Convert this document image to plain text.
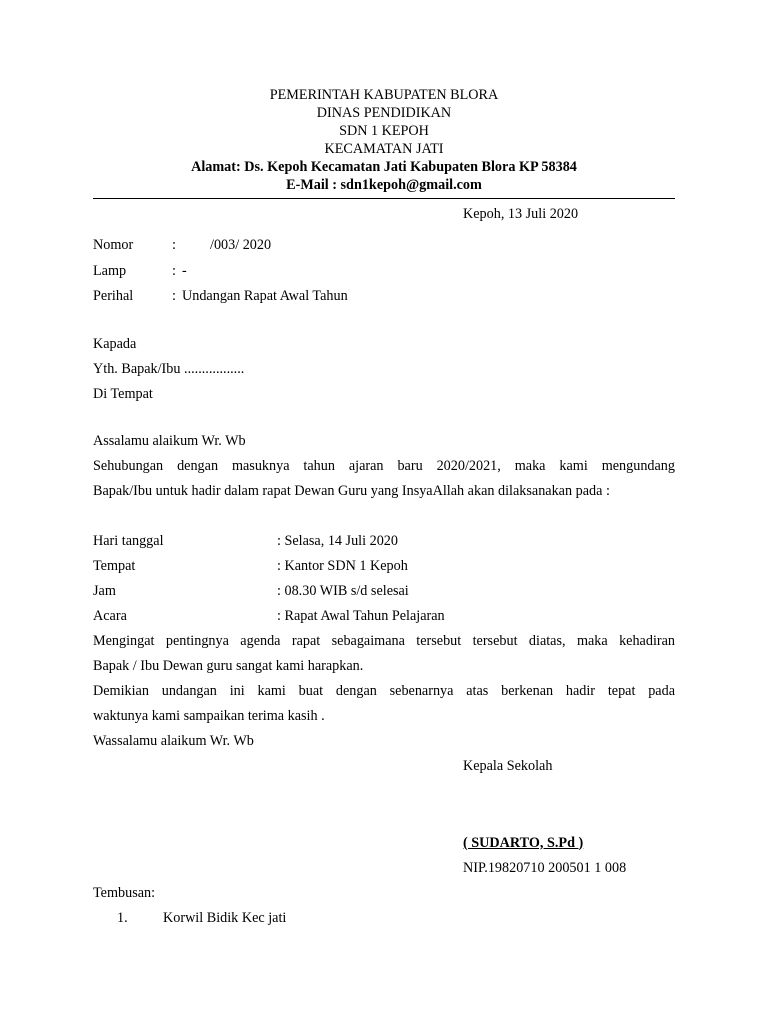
PEMERINTAH KABUPATEN BLORA
DINAS PENDIDIKAN
SDN 1 KEPOH
KECAMATAN JATI
Alamat: Ds. Kepoh Kecamatan Jati Kabupaten Blora KP 58384
E-Mail : sdn1kepoh@gmail.com
Kepoh, 13 Juli 2020
Nomor	:	/003/ 2020
Lamp	: -
Perihal	: Undangan Rapat Awal Tahun
Kapada
Yth. Bapak/Ibu .................
Di Tempat
Assalamu alaikum Wr. Wb
Sehubungan dengan masuknya tahun ajaran baru 2020/2021, maka kami mengundang
Bapak/Ibu untuk hadir dalam rapat Dewan Guru yang InsyaAllah akan dilaksanakan pada :
Hari tanggal	: Selasa, 14 Juli 2020
Tempat	: Kantor SDN 1 Kepoh
Jam	: 08.30 WIB s/d selesai
Acara	: Rapat Awal Tahun Pelajaran
Mengingat pentingnya agenda rapat sebagaimana tersebut tersebut diatas, maka kehadiran
Bapak / Ibu Dewan guru sangat kami harapkan.
Demikian undangan ini kami buat dengan sebenarnya atas berkenan hadir tepat pada
waktunya kami sampaikan terima kasih .
Wassalamu alaikum Wr. Wb
Kepala Sekolah
( SUDARTO, S.Pd )
NIP.19820710 200501 1 008
Tembusan:
1.	Korwil Bidik Kec jati
